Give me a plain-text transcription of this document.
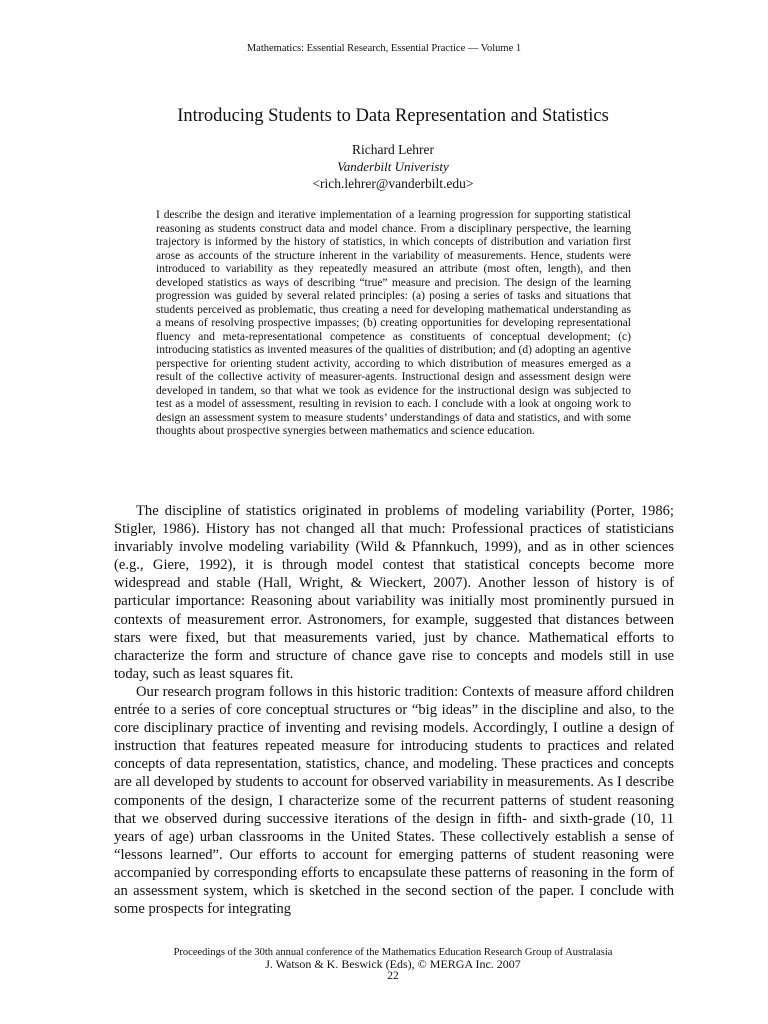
Mathematics: Essential Research, Essential Practice — Volume 1
Introducing Students to Data Representation and Statistics
Richard Lehrer
Vanderbilt Univeristy
<rich.lehrer@vanderbilt.edu>

I describe the design and iterative implementation of a learning progression for supporting statistical reasoning as students construct data and model chance. From a disciplinary perspective, the learning trajectory is informed by the history of statistics, in which concepts of distribution and variation first arose as accounts of the structure inherent in the variability of measurements. Hence, students were introduced to variability as they repeatedly measured an attribute (most often, length), and then developed statistics as ways of describing “true” measure and precision. The design of the learning progression was guided by several related principles: (a) posing a series of tasks and situations that students perceived as problematic, thus creating a need for developing mathematical understanding as a means of resolving prospective impasses; (b) creating opportunities for developing representational fluency and meta-representational competence as constituents of conceptual development; (c) introducing statistics as invented measures of the qualities of distribution; and (d) adopting an agentive perspective for orienting student activity, according to which distribution of measures emerged as a result of the collective activity of measurer-agents. Instructional design and assessment design were developed in tandem, so that what we took as evidence for the instructional design was subjected to test as a model of assessment, resulting in revision to each. I conclude with a look at ongoing work to design an assessment system to measure students’ understandings of data and statistics, and with some thoughts about prospective synergies between mathematics and science education.

The discipline of statistics originated in problems of modeling variability (Porter, 1986; Stigler, 1986). History has not changed all that much: Professional practices of statisticians invariably involve modeling variability (Wild & Pfannkuch, 1999), and as in other sciences (e.g., Giere, 1992), it is through model contest that statistical concepts become more widespread and stable (Hall, Wright, & Wieckert, 2007). Another lesson of history is of particular importance: Reasoning about variability was initially most prominently pursued in contexts of measurement error. Astronomers, for example, suggested that distances between stars were fixed, but that measurements varied, just by chance. Mathematical efforts to characterize the form and structure of chance gave rise to concepts and models still in use today, such as least squares fit.

Our research program follows in this historic tradition: Contexts of measure afford children entrée to a series of core conceptual structures or “big ideas” in the discipline and also, to the core disciplinary practice of inventing and revising models. Accordingly, I outline a design of instruction that features repeated measure for introducing students to practices and related concepts of data representation, statistics, chance, and modeling. These practices and concepts are all developed by students to account for observed variability in measurements. As I describe components of the design, I characterize some of the recurrent patterns of student reasoning that we observed during successive iterations of the design in fifth- and sixth-grade (10, 11 years of age) urban classrooms in the United States. These collectively establish a sense of “lessons learned”. Our efforts to account for emerging patterns of student reasoning were accompanied by corresponding efforts to encapsulate these patterns of reasoning in the form of an assessment system, which is sketched in the second section of the paper. I conclude with some prospects for integrating

Proceedings of the 30th annual conference of the Mathematics Education Research Group of Australasia
J. Watson & K. Beswick (Eds), © MERGA Inc. 2007
22
